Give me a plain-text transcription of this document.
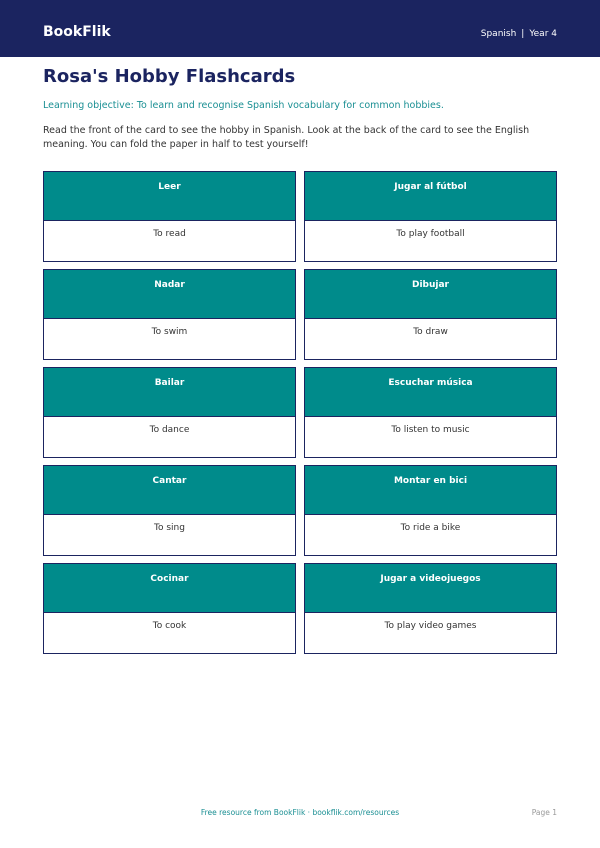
BookFlik	Spanish | Year 4
Rosa's Hobby Flashcards
Learning objective: To learn and recognise Spanish vocabulary for common hobbies.
Read the front of the card to see the hobby in Spanish. Look at the back of the card to see the English meaning. You can fold the paper in half to test yourself!
Leer
To read
Jugar al fútbol
To play football
Nadar
To swim
Dibujar
To draw
Bailar
To dance
Escuchar música
To listen to music
Cantar
To sing
Montar en bici
To ride a bike
Cocinar
To cook
Jugar a videojuegos
To play video games
Free resource from BookFlik · bookflik.com/resources	Page 1
